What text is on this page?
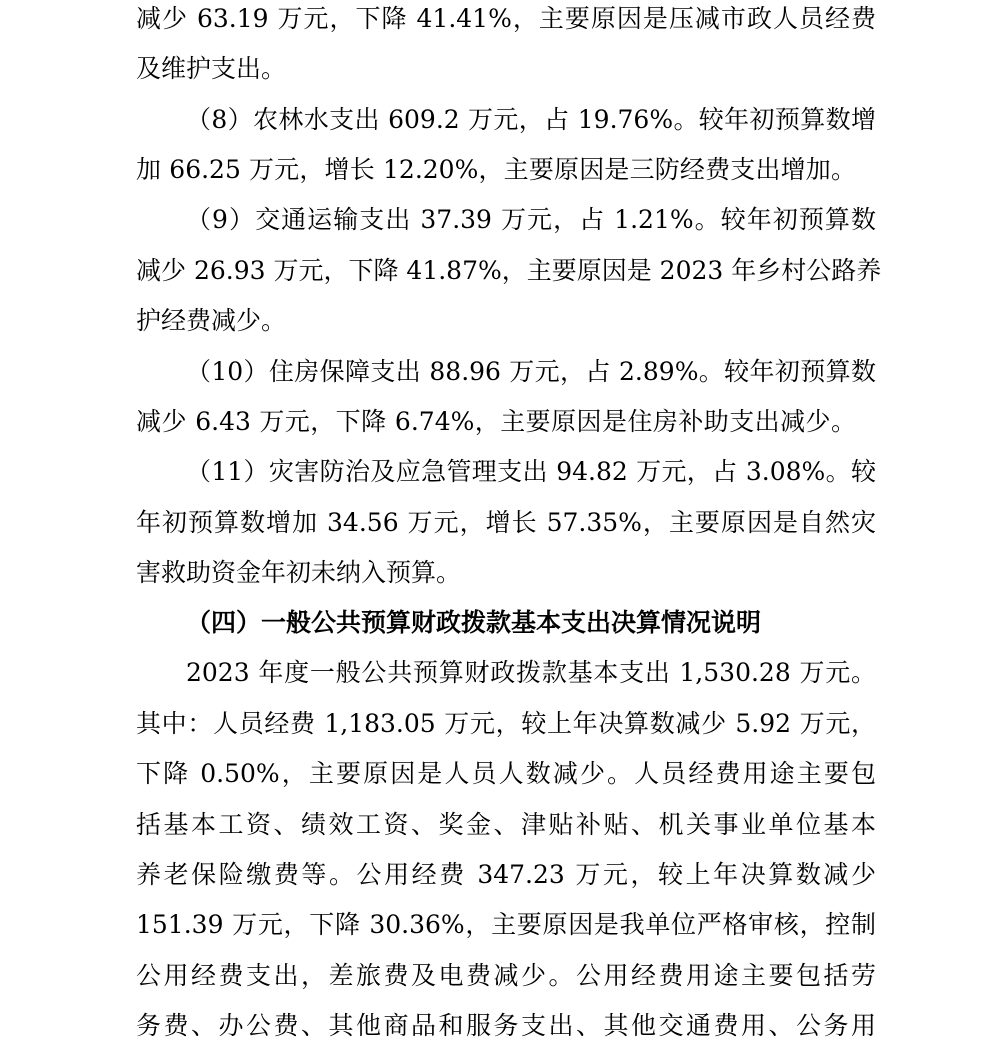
减少 63.19 万元，下降 41.41%，主要原因是压减市政人员经费
及维护支出。
（8）农林水支出 609.2 万元，占 19.76%。较年初预算数增
加 66.25 万元，增长 12.20%，主要原因是三防经费支出增加。
（9）交通运输支出 37.39 万元，占 1.21%。较年初预算数
减少 26.93 万元，下降 41.87%，主要原因是 2023 年乡村公路养
护经费减少。
（10）住房保障支出 88.96 万元，占 2.89%。较年初预算数
减少 6.43 万元，下降 6.74%，主要原因是住房补助支出减少。
（11）灾害防治及应急管理支出 94.82 万元，占 3.08%。较
年初预算数增加 34.56 万元，增长 57.35%，主要原因是自然灾
害救助资金年初未纳入预算。
（四）一般公共预算财政拨款基本支出决算情况说明
2023 年度一般公共预算财政拨款基本支出 1,530.28 万元。
其中：人员经费 1,183.05 万元，较上年决算数减少 5.92 万元，
下降 0.50%，主要原因是人员人数减少。人员经费用途主要包
括基本工资、绩效工资、奖金、津贴补贴、机关事业单位基本
养老保险缴费等。公用经费 347.23 万元，较上年决算数减少
151.39 万元，下降 30.36%，主要原因是我单位严格审核，控制
公用经费支出，差旅费及电费减少。公用经费用途主要包括劳
务费、办公费、其他商品和服务支出、其他交通费用、公务用
